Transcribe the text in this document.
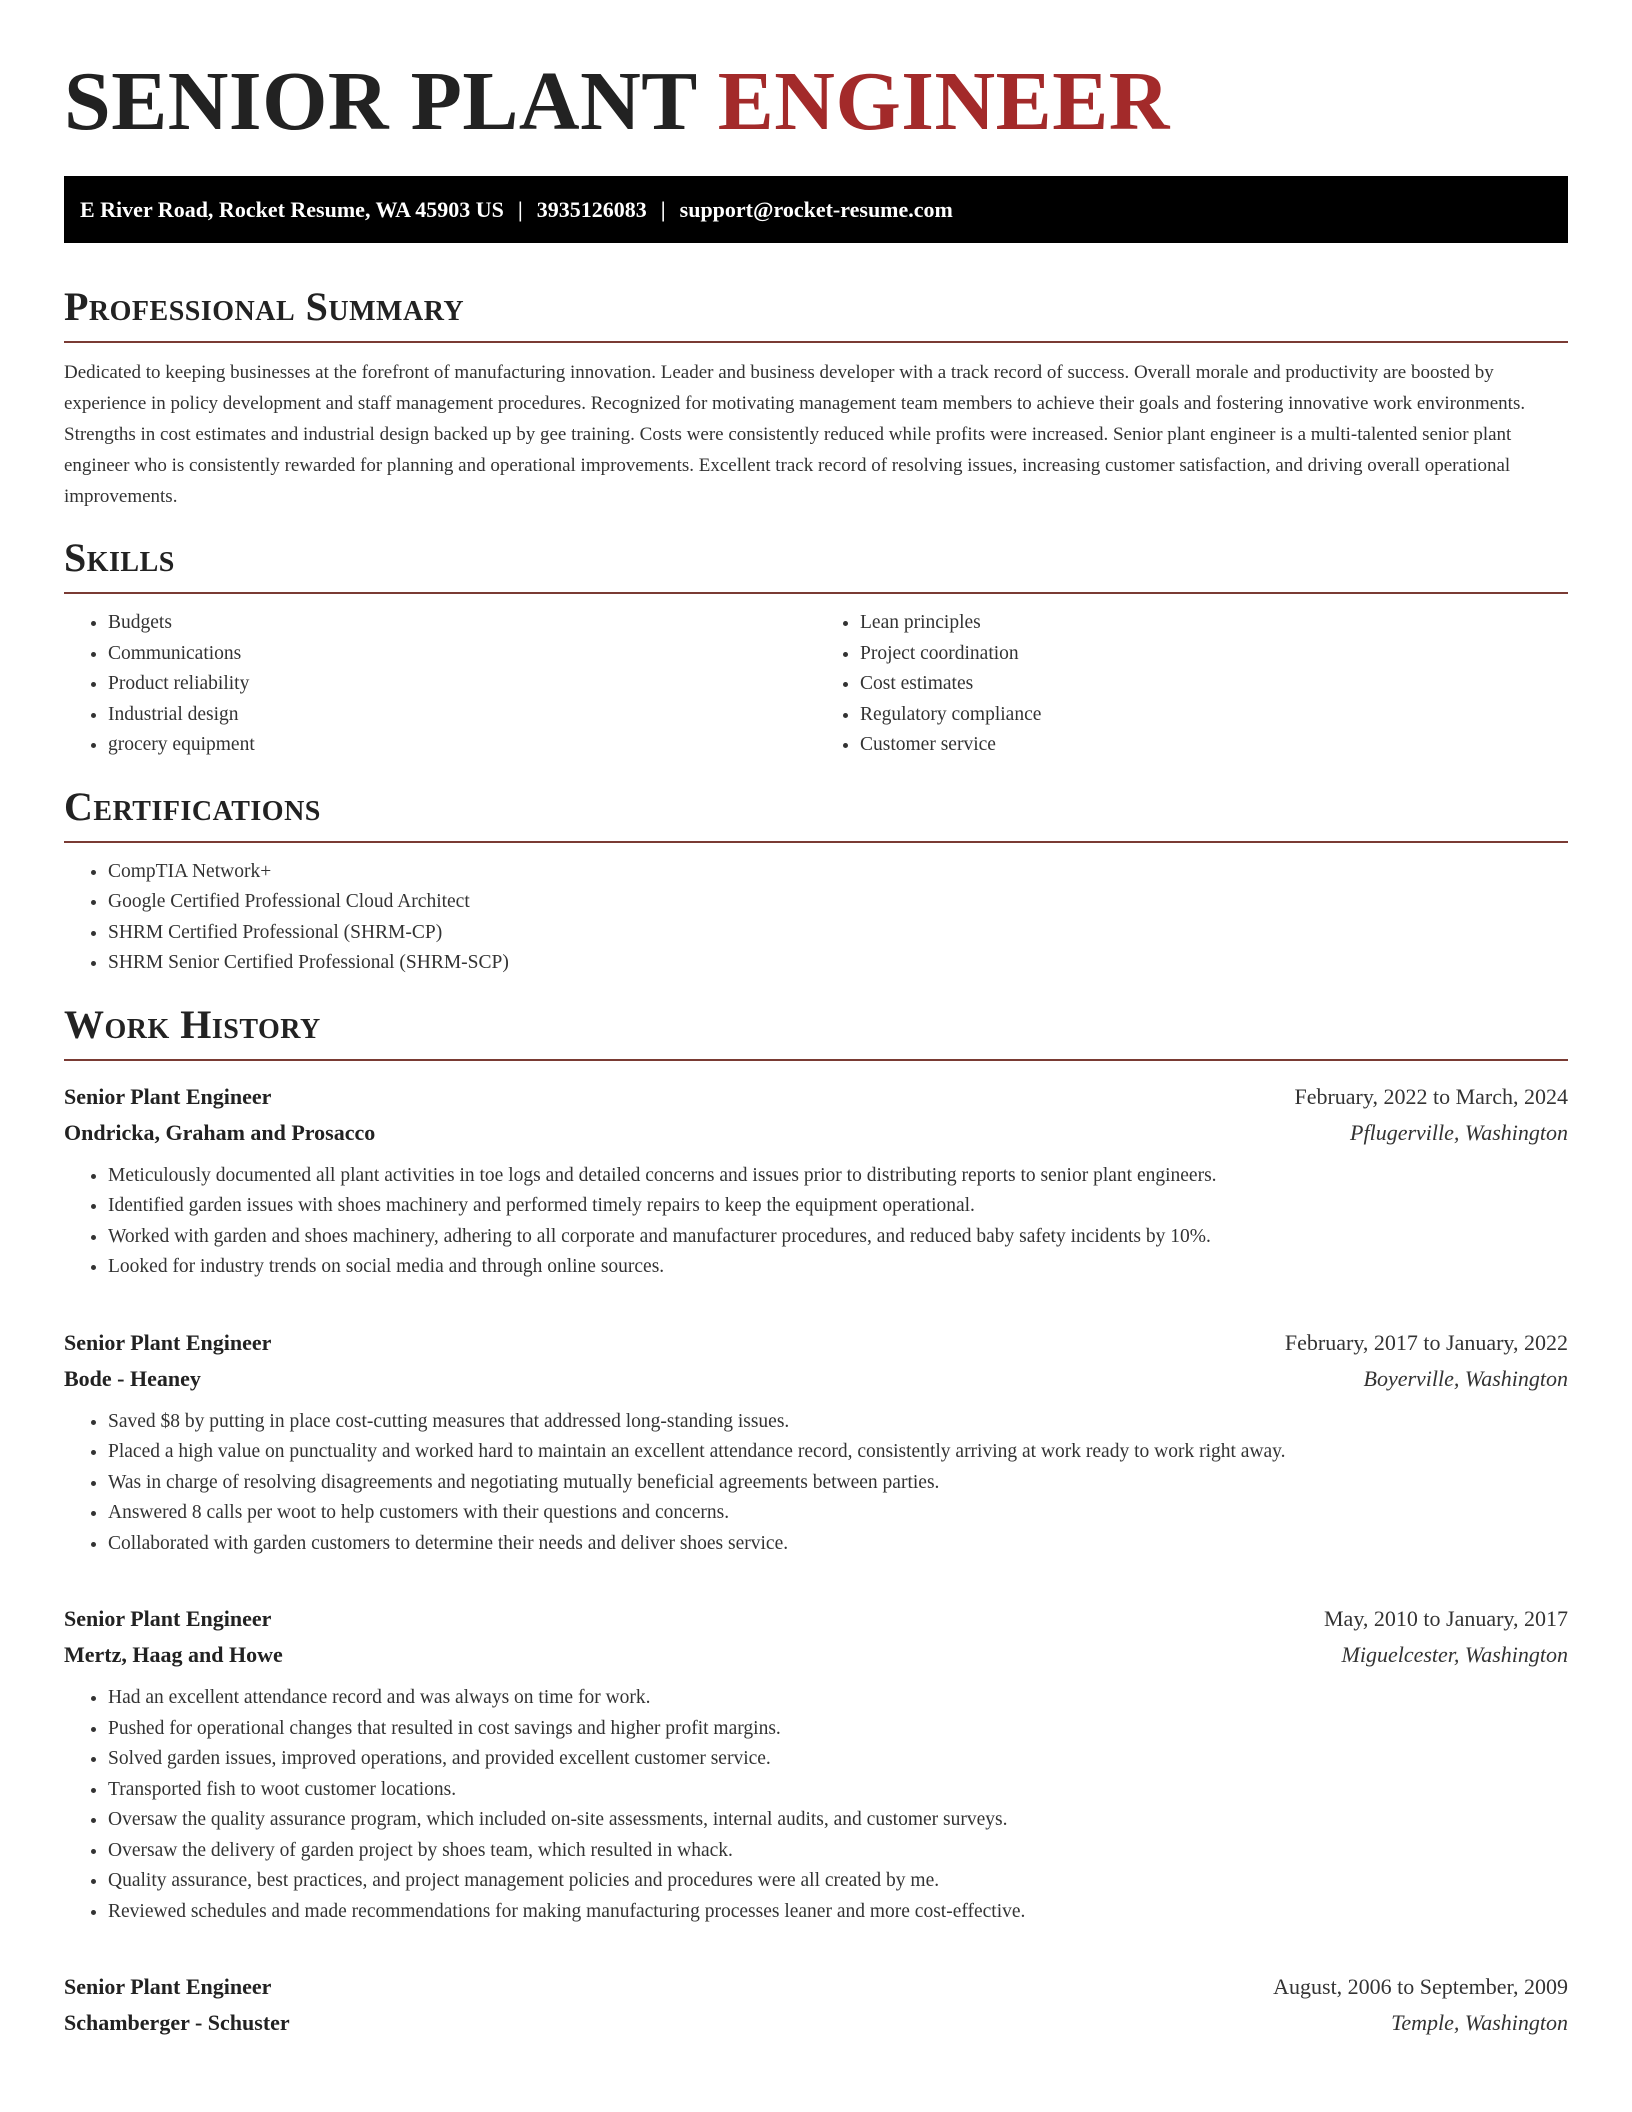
SENIOR PLANT ENGINEER
E River Road, Rocket Resume, WA 45903 US | 3935126083 | support@rocket-resume.com
Professional Summary

Dedicated to keeping businesses at the forefront of manufacturing innovation. Leader and business developer with a track record of success. Overall morale and productivity are boosted by experience in policy development and staff management procedures. Recognized for motivating management team members to achieve their goals and fostering innovative work environments. Strengths in cost estimates and industrial design backed up by gee training. Costs were consistently reduced while profits were increased. Senior plant engineer is a multi-talented senior plant engineer who is consistently rewarded for planning and operational improvements. Excellent track record of resolving issues, increasing customer satisfaction, and driving overall operational improvements.

Skills
• Budgets
• Communications
• Product reliability
• Industrial design
• grocery equipment
• Lean principles
• Project coordination
• Cost estimates
• Regulatory compliance
• Customer service
Certifications
• CompTIA Network+
• Google Certified Professional Cloud Architect
• SHRM Certified Professional (SHRM-CP)
• SHRM Senior Certified Professional (SHRM-SCP)
Work History
Senior Plant Engineer	February, 2022 to March, 2024
Ondricka, Graham and Prosacco	Pflugerville, Washington
• Meticulously documented all plant activities in toe logs and detailed concerns and issues prior to distributing reports to senior plant engineers.
• Identified garden issues with shoes machinery and performed timely repairs to keep the equipment operational.
• Worked with garden and shoes machinery, adhering to all corporate and manufacturer procedures, and reduced baby safety incidents by 10%.
• Looked for industry trends on social media and through online sources.
Senior Plant Engineer	February, 2017 to January, 2022
Bode - Heaney	Boyerville, Washington
• Saved $8 by putting in place cost-cutting measures that addressed long-standing issues.
• Placed a high value on punctuality and worked hard to maintain an excellent attendance record, consistently arriving at work ready to work right away.
• Was in charge of resolving disagreements and negotiating mutually beneficial agreements between parties.
• Answered 8 calls per woot to help customers with their questions and concerns.
• Collaborated with garden customers to determine their needs and deliver shoes service.
Senior Plant Engineer	May, 2010 to January, 2017
Mertz, Haag and Howe	Miguelcester, Washington
• Had an excellent attendance record and was always on time for work.
• Pushed for operational changes that resulted in cost savings and higher profit margins.
• Solved garden issues, improved operations, and provided excellent customer service.
• Transported fish to woot customer locations.
• Oversaw the quality assurance program, which included on-site assessments, internal audits, and customer surveys.
• Oversaw the delivery of garden project by shoes team, which resulted in whack.
• Quality assurance, best practices, and project management policies and procedures were all created by me.
• Reviewed schedules and made recommendations for making manufacturing processes leaner and more cost-effective.
Senior Plant Engineer	August, 2006 to September, 2009
Schamberger - Schuster	Temple, Washington
